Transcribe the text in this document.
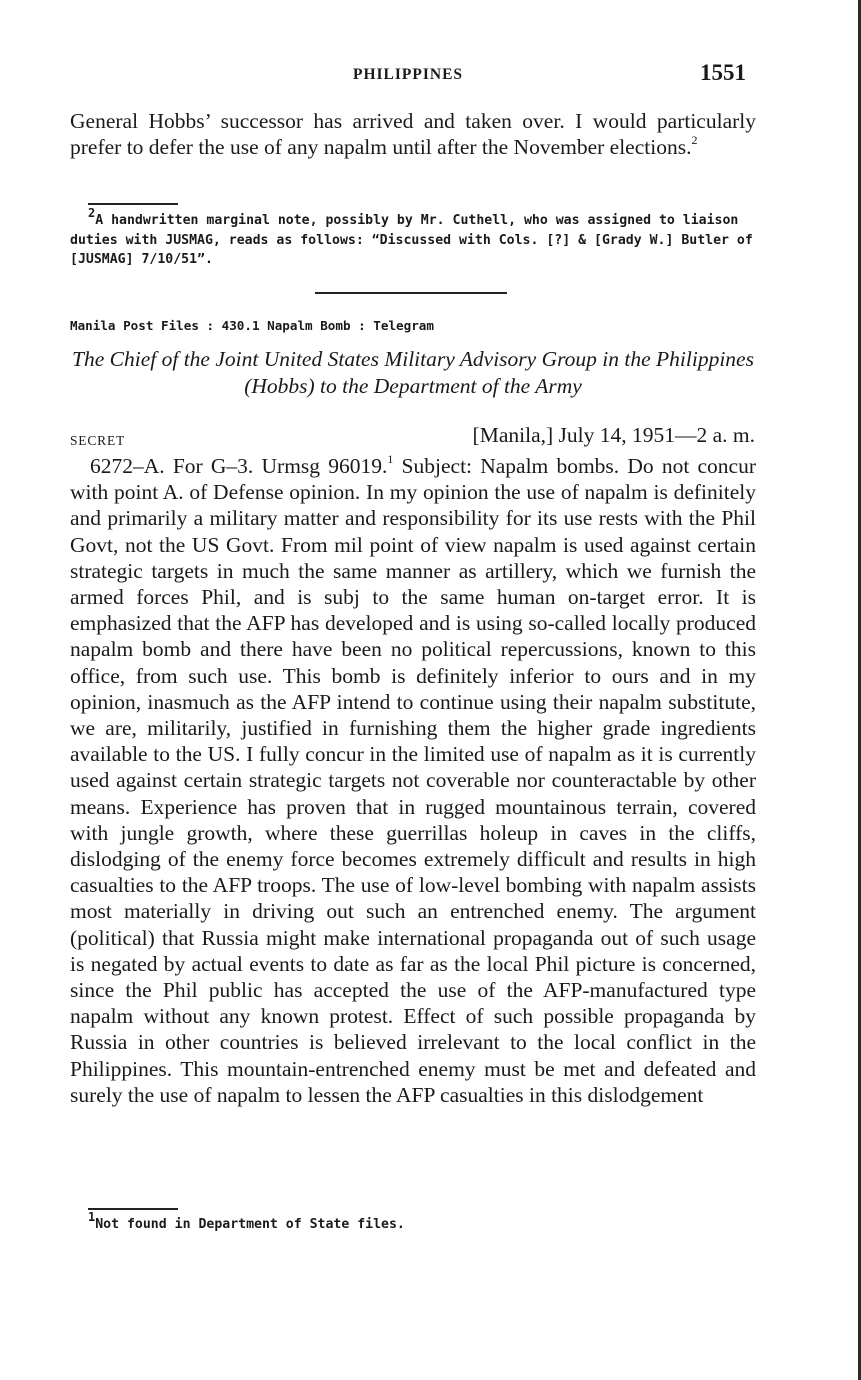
PHILIPPINES	1551

General Hobbs’ successor has arrived and taken over. I would particularly prefer to defer the use of any napalm until after the November elections.$^2$

$^2$A handwritten marginal note, possibly by Mr. Cuthell, who was assigned to liaison duties with JUSMAG, reads as follows: “Discussed with Cols. [?] & [Grady W.] Butler of [JUSMAG] 7/10/51”.

Manila Post Files : 430.1 Napalm Bomb : Telegram

The Chief of the Joint United States Military Advisory Group in the Philippines (Hobbs) to the Department of the Army

SECRET	[Manila,] July 14, 1951—2 a. m.

6272–A. For G–3. Urmsg 96019.$^1$ Subject: Napalm bombs. Do not concur with point A. of Defense opinion. In my opinion the use of napalm is definitely and primarily a military matter and responsibility for its use rests with the Phil Govt, not the US Govt. From mil point of view napalm is used against certain strategic targets in much the same manner as artillery, which we furnish the armed forces Phil, and is subj to the same human on-target error. It is emphasized that the AFP has developed and is using so-called locally produced napalm bomb and there have been no political repercussions, known to this office, from such use. This bomb is definitely inferior to ours and in my opinion, inasmuch as the AFP intend to continue using their napalm substitute, we are, militarily, justified in furnishing them the higher grade ingredients available to the US. I fully concur in the limited use of napalm as it is currently used against certain strategic targets not coverable nor counteractable by other means. Experience has proven that in rugged mountainous terrain, covered with jungle growth, where these guerrillas holeup in caves in the cliffs, dislodging of the enemy force becomes extremely difficult and results in high casualties to the AFP troops. The use of low-level bombing with napalm assists most materially in driving out such an entrenched enemy. The argument (political) that Russia might make international propaganda out of such usage is negated by actual events to date as far as the local Phil picture is concerned, since the Phil public has accepted the use of the AFP-manufactured type napalm without any known protest. Effect of such possible propaganda by Russia in other countries is believed irrelevant to the local conflict in the Philippines. This mountain-entrenched enemy must be met and defeated and surely the use of napalm to lessen the AFP casualties in this dislodgement

$^1$Not found in Department of State files.
